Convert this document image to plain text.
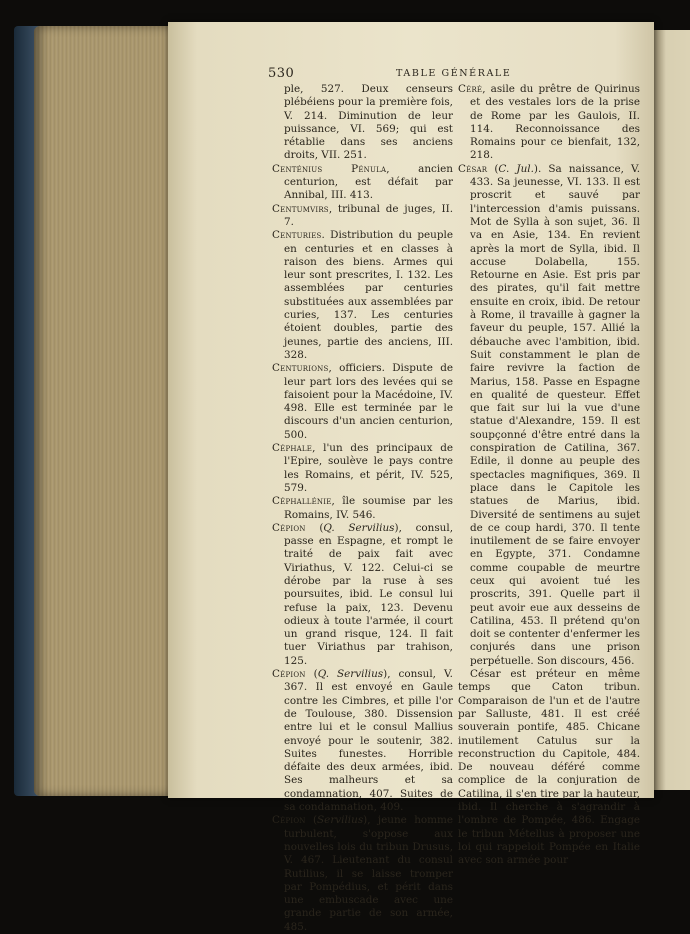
530	TABLE GÉNÉRALE

ple, 527. Deux censeurs plébéiens pour la première fois, V. 214. Diminution de leur puissance, VI. 569; qui est rétablie dans ses anciens droits, VII. 251.

Centénius Pénula, ancien centurion, est défait par Annibal, III. 413.

Centumvirs, tribunal de juges, II. 7.

Centuries. Distribution du peuple en centuries et en classes à raison des biens. Armes qui leur sont prescrites, I. 132. Les assemblées par centuries substituées aux assemblées par curies, 137. Les centuries étoient doubles, partie des jeunes, partie des anciens, III. 328.

Centurions, officiers. Dispute de leur part lors des levées qui se faisoient pour la Macédoine, IV. 498. Elle est terminée par le discours d'un ancien centurion, 500.

Céphale, l'un des principaux de l'Epire, soulève le pays contre les Romains, et périt, IV. 525, 579.

Céphallénie, île soumise par les Romains, IV. 546.

Cépion (Q. Servilius), consul, passe en Espagne, et rompt le traité de paix fait avec Viriathus, V. 122. Celui-ci se dérobe par la ruse à ses poursuites, ibid. Le consul lui refuse la paix, 123. Devenu odieux à toute l'armée, il court un grand risque, 124. Il fait tuer Viriathus par trahison, 125.

Cépion (Q. Servilius), consul, V. 367. Il est envoyé en Gaule contre les Cimbres, et pille l'or de Toulouse, 380. Dissension entre lui et le consul Mallius envoyé pour le soutenir, 382. Suites funestes. Horrible défaite des deux armées, ibid. Ses malheurs et sa condamnation, 407. Suites de sa condamnation, 409.

Cépion (Servilius), jeune homme turbulent, s'oppose aux nouvelles lois du tribun Drusus, V. 467. Lieutenant du consul Rutilius, il se laisse tromper par Pompédius, et périt dans une embuscade avec une grande partie de son armée, 485.

Céré, asile du prêtre de Quirinus et des vestales lors de la prise de Rome par les Gaulois, II. 114. Reconnoissance des Romains pour ce bienfait, 132, 218.

César (C. Jul.). Sa naissance, V. 433. Sa jeunesse, VI. 133. Il est proscrit et sauvé par l'intercession d'amis puissans. Mot de Sylla à son sujet, 36. Il va en Asie, 134. En revient après la mort de Sylla, ibid. Il accuse Dolabella, 155. Retourne en Asie. Est pris par des pirates, qu'il fait mettre ensuite en croix, ibid. De retour à Rome, il travaille à gagner la faveur du peuple, 157. Allié la débauche avec l'ambition, ibid. Suit constamment le plan de faire revivre la faction de Marius, 158. Passe en Espagne en qualité de questeur. Effet que fait sur lui la vue d'une statue d'Alexandre, 159. Il est soupçonné d'être entré dans la conspiration de Catilina, 367. Edile, il donne au peuple des spectacles magnifiques, 369. Il place dans le Capitole les statues de Marius, ibid. Diversité de sentimens au sujet de ce coup hardi, 370. Il tente inutilement de se faire envoyer en Egypte, 371. Condamne comme coupable de meurtre ceux qui avoient tué les proscrits, 391. Quelle part il peut avoir eue aux desseins de Catilina, 453. Il prétend qu'on doit se contenter d'enfermer les conjurés dans une prison perpétuelle. Son discours, 456.

César est préteur en même temps que Caton tribun. Comparaison de l'un et de l'autre par Salluste, 481. Il est créé souverain pontife, 485. Chicane inutilement Catulus sur la reconstruction du Capitole, 484. De nouveau déféré comme complice de la conjuration de Catilina, il s'en tire par la hauteur, ibid. Il cherche à s'agrandir à l'ombre de Pompée, 486. Engage le tribun Métellus à proposer une loi qui rappeloit Pompée en Italie avec son armée pour
